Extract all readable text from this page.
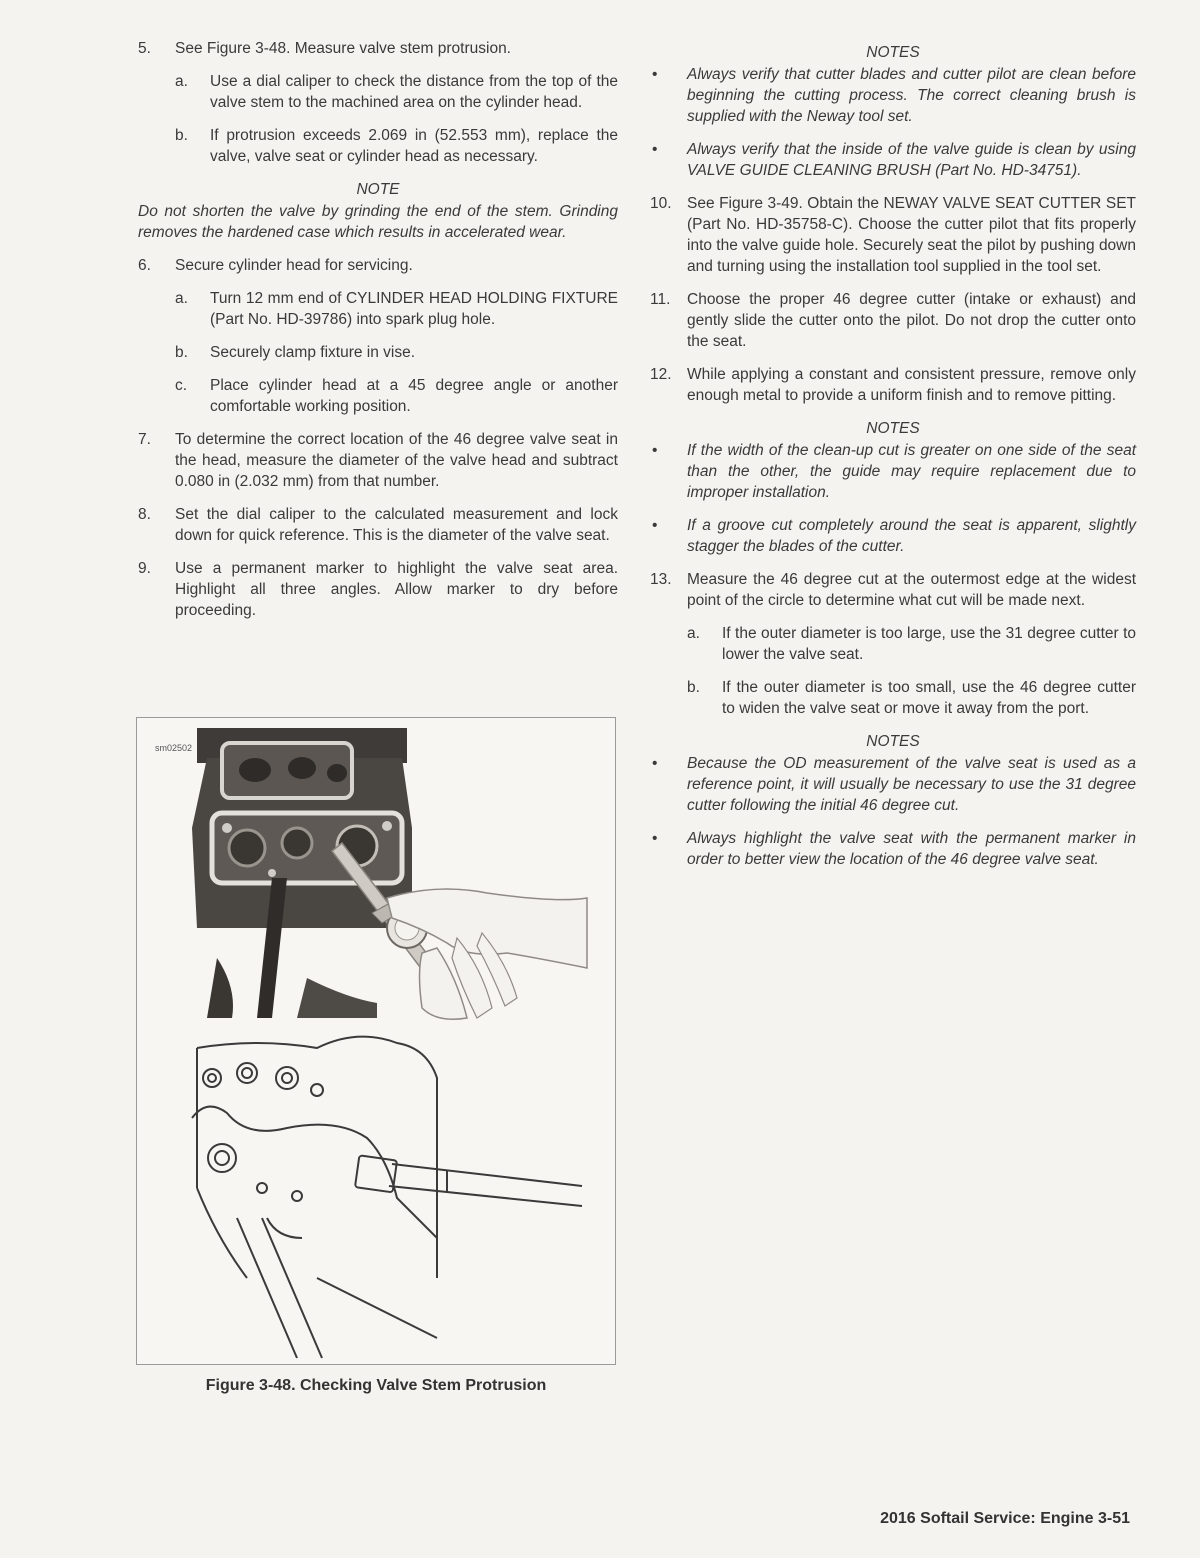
5.	See Figure 3-48. Measure valve stem protrusion.
a. Use a dial caliper to check the distance from the top of the valve stem to the machined area on the cylinder head.
b. If protrusion exceeds 2.069 in (52.553 mm), replace the valve, valve seat or cylinder head as necessary.
NOTE
Do not shorten the valve by grinding the end of the stem. Grinding removes the hardened case which results in accelerated wear.
6.	Secure cylinder head for servicing.
a. Turn 12 mm end of CYLINDER HEAD HOLDING FIXTURE (Part No. HD-39786) into spark plug hole.
b. Securely clamp fixture in vise.
c. Place cylinder head at a 45 degree angle or another comfortable working position.
7.	To determine the correct location of the 46 degree valve seat in the head, measure the diameter of the valve head and subtract 0.080 in (2.032 mm) from that number.
8.	Set the dial caliper to the calculated measurement and lock down for quick reference. This is the diameter of the valve seat.
9.	Use a permanent marker to highlight the valve seat area. Highlight all three angles. Allow marker to dry before proceeding.
sm02502
Figure 3-48. Checking Valve Stem Protrusion
NOTES
• Always verify that cutter blades and cutter pilot are clean before beginning the cutting process. The correct cleaning brush is supplied with the Neway tool set.
• Always verify that the inside of the valve guide is clean by using VALVE GUIDE CLEANING BRUSH (Part No. HD-34751).
10. See Figure 3-49. Obtain the NEWAY VALVE SEAT CUTTER SET (Part No. HD-35758-C). Choose the cutter pilot that fits properly into the valve guide hole. Securely seat the pilot by pushing down and turning using the installation tool supplied in the tool set.
11.	Choose the proper 46 degree cutter (intake or exhaust) and gently slide the cutter onto the pilot. Do not drop the cutter onto the seat.
12. While applying a constant and consistent pressure, remove only enough metal to provide a uniform finish and to remove pitting.
NOTES
• If the width of the clean-up cut is greater on one side of the seat than the other, the guide may require replacement due to improper installation.
• If a groove cut completely around the seat is apparent, slightly stagger the blades of the cutter.
13. Measure the 46 degree cut at the outermost edge at the widest point of the circle to determine what cut will be made next.
a. If the outer diameter is too large, use the 31 degree cutter to lower the valve seat.
b. If the outer diameter is too small, use the 46 degree cutter to widen the valve seat or move it away from the port.
NOTES
• Because the OD measurement of the valve seat is used as a reference point, it will usually be necessary to use the 31 degree cutter following the initial 46 degree cut.
• Always highlight the valve seat with the permanent marker in order to better view the location of the 46 degree valve seat.
2016 Softail Service: Engine 3-51
